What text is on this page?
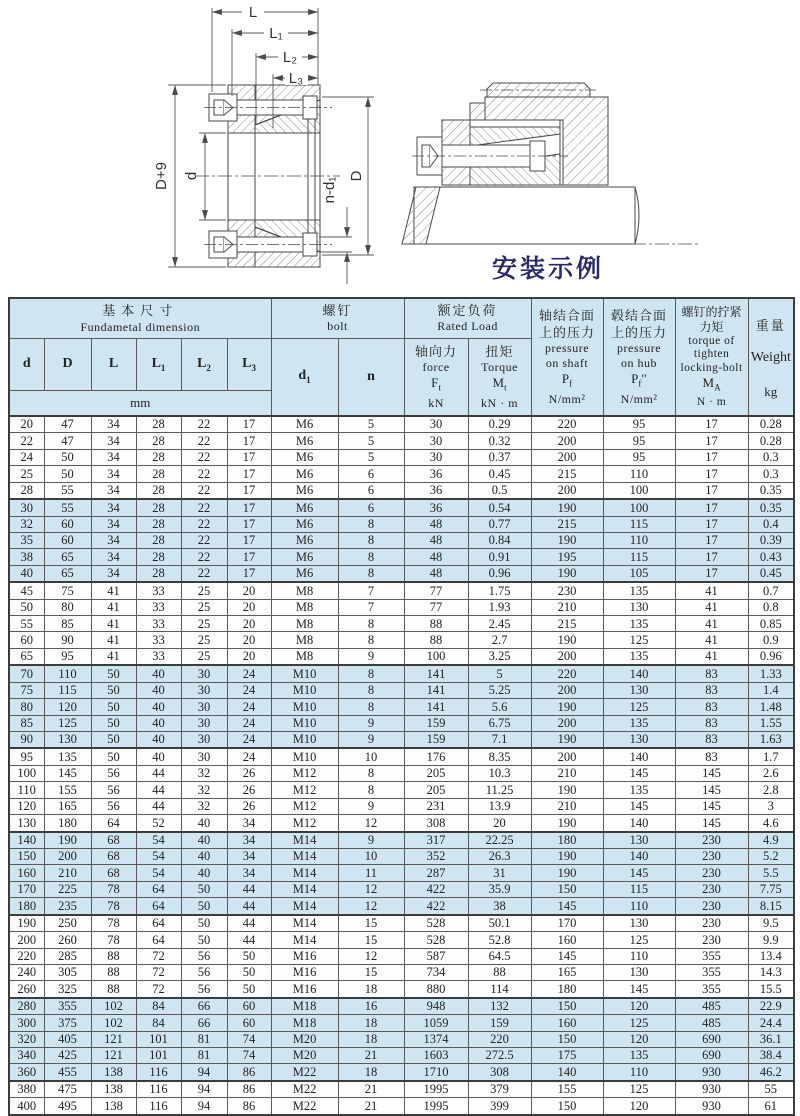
L
L₁
L₂
L₃
D+9 d	D
n-d₁
安装示例
基本尺寸
Fundametal dimension

螺钉
bolt

额定负荷
Rated Load

轴结合面
上的压力
pressure
on shaft
$P_f$
N/mm²

毂结合面
上的压力
pressure
on hub
$P_f''$
N/mm²

螺钉的拧紧
力矩
torque of
tighten
locking-bolt
$M_A$
N · m

重量
Weight
kg

d	D	L	$L_1$	$L_2$	$L_3$	$d_1$	n	
轴向力
force
$F_t$
kN

扭矩
Torque
$M_t$
kN · m

mm													
20	47	34	28	22	17	M6	5	30	0.29	220	95	17	0.28
22	47	34	28	22	17	M6	5	30	0.32	200	95	17	0.28
24	50	34	28	22	17	M6	5	30	0.37	200	95	17	0.3
25	50	34	28	22	17	M6	6	36	0.45	215	110	17	0.3
28	55	34	28	22	17	M6	6	36	0.5	200	100	17	0.35
30	55	34	28	22	17	M6	6	36	0.54	190	100	17	0.35
32	60	34	28	22	17	M6	8	48	0.77	215	115	17	0.4
35	60	34	28	22	17	M6	8	48	0.84	190	110	17	0.39
38	65	34	28	22	17	M6	8	48	0.91	195	115	17	0.43
40	65	34	28	22	17	M6	8	48	0.96	190	105	17	0.45
45	75	41	33	25	20	M8	7	77	1.75	230	135	41	0.7
50	80	41	33	25	20	M8	7	77	1.93	210	130	41	0.8
55	85	41	33	25	20	M8	8	88	2.45	215	135	41	0.85
60	90	41	33	25	20	M8	8	88	2.7	190	125	41	0.9
65	95	41	33	25	20	M8	9	100	3.25	200	135	41	0.96
70	110	50	40	30	24	M10	8	141	5	220	140	83	1.33
75	115	50	40	30	24	M10	8	141	5.25	200	130	83	1.4
80	120	50	40	30	24	M10	8	141	5.6	190	125	83	1.48
85	125	50	40	30	24	M10	9	159	6.75	200	135	83	1.55
90	130	50	40	30	24	M10	9	159	7.1	190	130	83	1.63
95	135	50	40	30	24	M10	10	176	8.35	200	140	83	1.7
100	145	56	44	32	26	M12	8	205	10.3	210	145	145	2.6
110	155	56	44	32	26	M12	8	205	11.25	190	135	145	2.8
120	165	56	44	32	26	M12	9	231	13.9	210	145	145	3
130	180	64	52	40	34	M12	12	308	20	190	140	145	4.6
140	190	68	54	40	34	M14	9	317	22.25	180	130	230	4.9
150	200	68	54	40	34	M14	10	352	26.3	190	140	230	5.2
160	210	68	54	40	34	M14	11	287	31	190	145	230	5.5
170	225	78	64	50	44	M14	12	422	35.9	150	115	230	7.75
180	235	78	64	50	44	M14	12	422	38	145	110	230	8.15
190	250	78	64	50	44	M14	15	528	50.1	170	130	230	9.5
200	260	78	64	50	44	M14	15	528	52.8	160	125	230	9.9
220	285	88	72	56	50	M16	12	587	64.5	145	110	355	13.4
240	305	88	72	56	50	M16	15	734	88	165	130	355	14.3
260	325	88	72	56	50	M16	18	880	114	180	145	355	15.5
280	355	102	84	66	60	M18	16	948	132	150	120	485	22.9
300	375	102	84	66	60	M18	18	1059	159	160	125	485	24.4
320	405	121	101	81	74	M20	18	1374	220	150	120	690	36.1
340	425	121	101	81	74	M20	21	1603	272.5	175	135	690	38.4
360	455	138	116	94	86	M22	18	1710	308	140	110	930	46.2
380	475	138	116	94	86	M22	21	1995	379	155	125	930	55
400	495	138	116	94	86	M22	21	1995	399	150	120	930	61
